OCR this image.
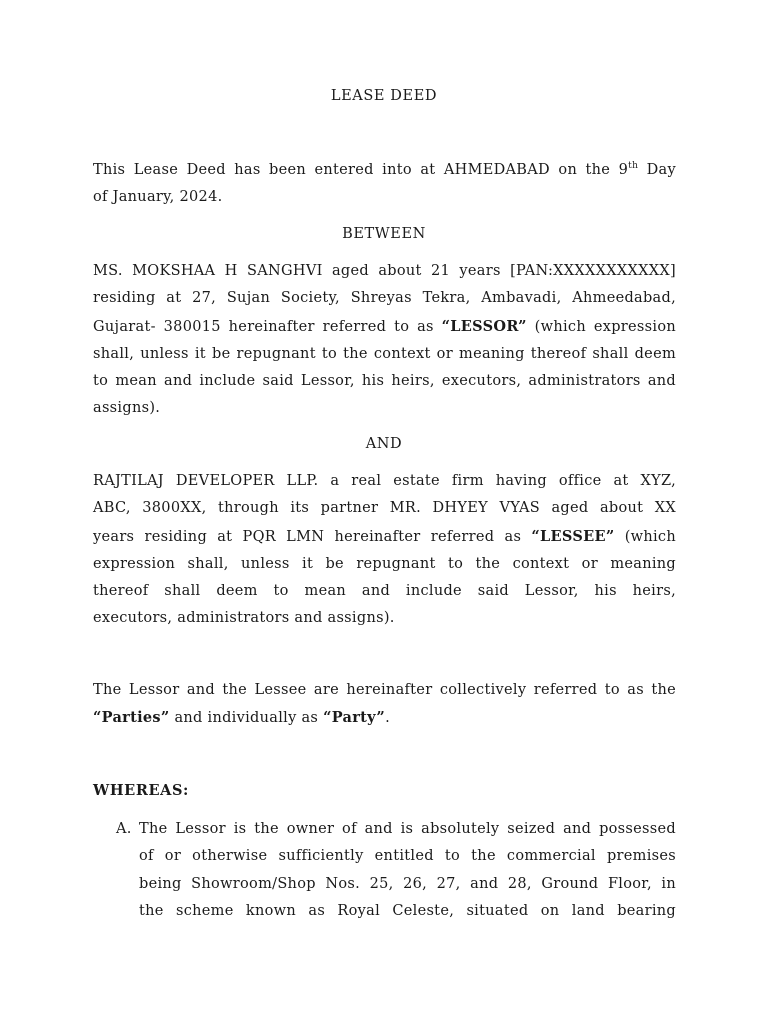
LEASE DEED
This Lease Deed has been entered into at AHMEDABAD on the 9th Day
of January, 2024.
BETWEEN
MS. MOKSHAA H SANGHVI aged about 21 years [PAN:XXXXXXXXXXX]
residing at 27, Sujan Society, Shreyas Tekra, Ambavadi, Ahmeedabad,
Gujarat- 380015 hereinafter referred to as “LESSOR” (which expression
shall, unless it be repugnant to the context or meaning thereof shall deem
to mean and include said Lessor, his heirs, executors, administrators and
assigns).
AND
RAJTILAJ DEVELOPER LLP. a real estate firm having office at XYZ,
ABC, 3800XX, through its partner MR. DHYEY VYAS aged about XX
years residing at PQR LMN hereinafter referred as “LESSEE” (which
expression shall, unless it be repugnant to the context or meaning
thereof shall deem to mean and include said Lessor, his heirs,
executors, administrators and assigns).
The Lessor and the Lessee are hereinafter collectively referred to as the
“Parties” and individually as “Party”.
WHEREAS:
A. The Lessor is the owner of and is absolutely seized and possessed
of or otherwise sufficiently entitled to the commercial premises
being Showroom/Shop Nos. 25, 26, 27, and 28, Ground Floor, in
the scheme known as Royal Celeste, situated on land bearing
